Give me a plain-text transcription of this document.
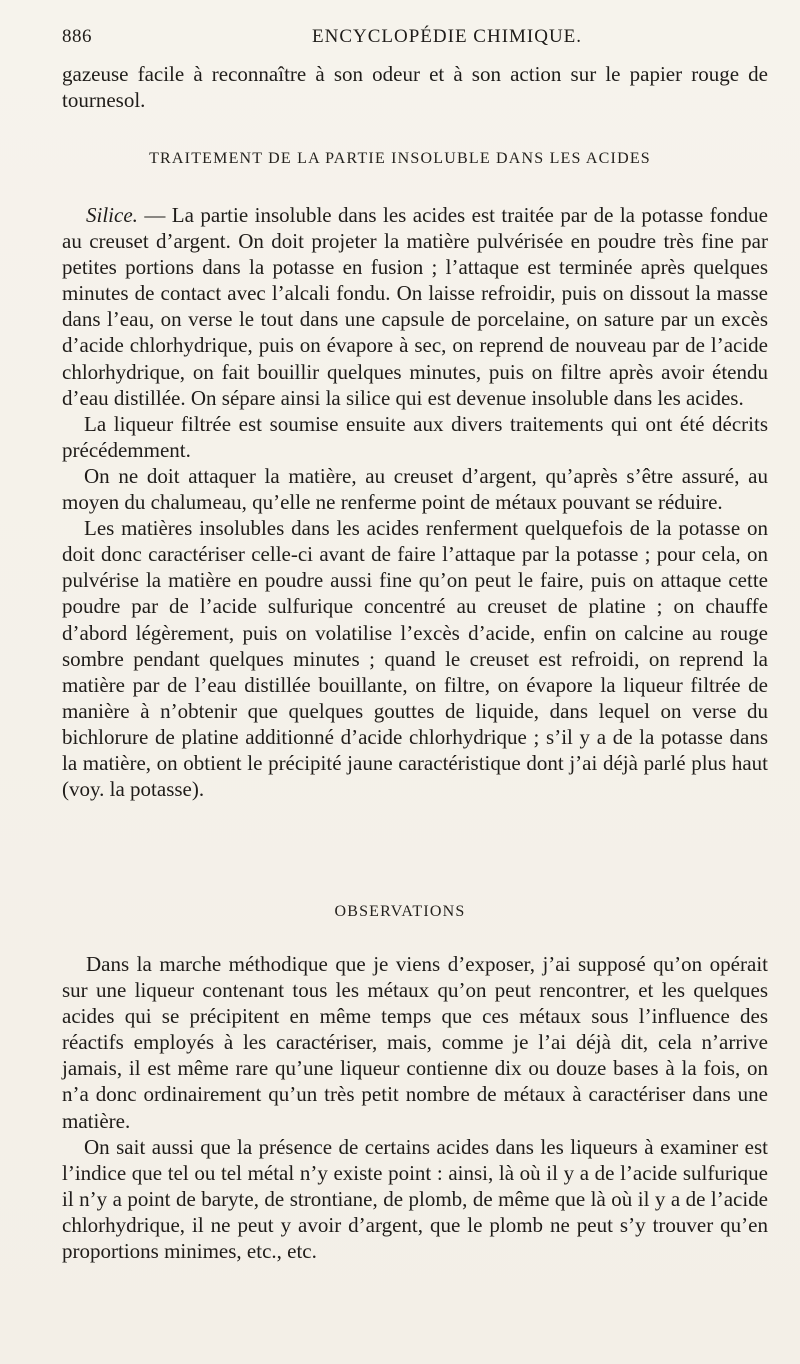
886	ENCYCLOPÉDIE CHIMIQUE.

gazeuse facile à reconnaître à son odeur et à son action sur le papier rouge de tournesol.

TRAITEMENT DE LA PARTIE INSOLUBLE DANS LES ACIDES

Silice. — La partie insoluble dans les acides est traitée par de la potasse fondue au creuset d’argent. On doit projeter la matière pulvérisée en poudre très fine par petites portions dans la potasse en fusion ; l’attaque est terminée après quelques minutes de contact avec l’alcali fondu. On laisse refroidir, puis on dissout la masse dans l’eau, on verse le tout dans une capsule de porcelaine, on sature par un excès d’acide chlorhydrique, puis on évapore à sec, on reprend de nouveau par de l’acide chlorhydrique, on fait bouillir quelques minutes, puis on filtre après avoir étendu d’eau distillée. On sépare ainsi la silice qui est devenue insoluble dans les acides.

La liqueur filtrée est soumise ensuite aux divers traitements qui ont été décrits précédemment.

On ne doit attaquer la matière, au creuset d’argent, qu’après s’être assuré, au moyen du chalumeau, qu’elle ne renferme point de métaux pouvant se réduire.

Les matières insolubles dans les acides renferment quelquefois de la potasse on doit donc caractériser celle-ci avant de faire l’attaque par la potasse ; pour cela, on pulvérise la matière en poudre aussi fine qu’on peut le faire, puis on attaque cette poudre par de l’acide sulfurique concentré au creuset de platine ; on chauffe d’abord légèrement, puis on volatilise l’excès d’acide, enfin on calcine au rouge sombre pendant quelques minutes ; quand le creuset est refroidi, on reprend la matière par de l’eau distillée bouillante, on filtre, on évapore la liqueur filtrée de manière à n’obtenir que quelques gouttes de liquide, dans lequel on verse du bichlorure de platine additionné d’acide chlorhydrique ; s’il y a de la potasse dans la matière, on obtient le précipité jaune caractéristique dont j’ai déjà parlé plus haut (voy. la potasse).

OBSERVATIONS

Dans la marche méthodique que je viens d’exposer, j’ai supposé qu’on opérait sur une liqueur contenant tous les métaux qu’on peut rencontrer, et les quelques acides qui se précipitent en même temps que ces métaux sous l’influence des réactifs employés à les caractériser, mais, comme je l’ai déjà dit, cela n’arrive jamais, il est même rare qu’une liqueur contienne dix ou douze bases à la fois, on n’a donc ordinairement qu’un très petit nombre de métaux à caractériser dans une matière.

On sait aussi que la présence de certains acides dans les liqueurs à examiner est l’indice que tel ou tel métal n’y existe point : ainsi, là où il y a de l’acide sulfurique il n’y a point de baryte, de strontiane, de plomb, de même que là où il y a de l’acide chlorhydrique, il ne peut y avoir d’argent, que le plomb ne peut s’y trouver qu’en proportions minimes, etc., etc.
